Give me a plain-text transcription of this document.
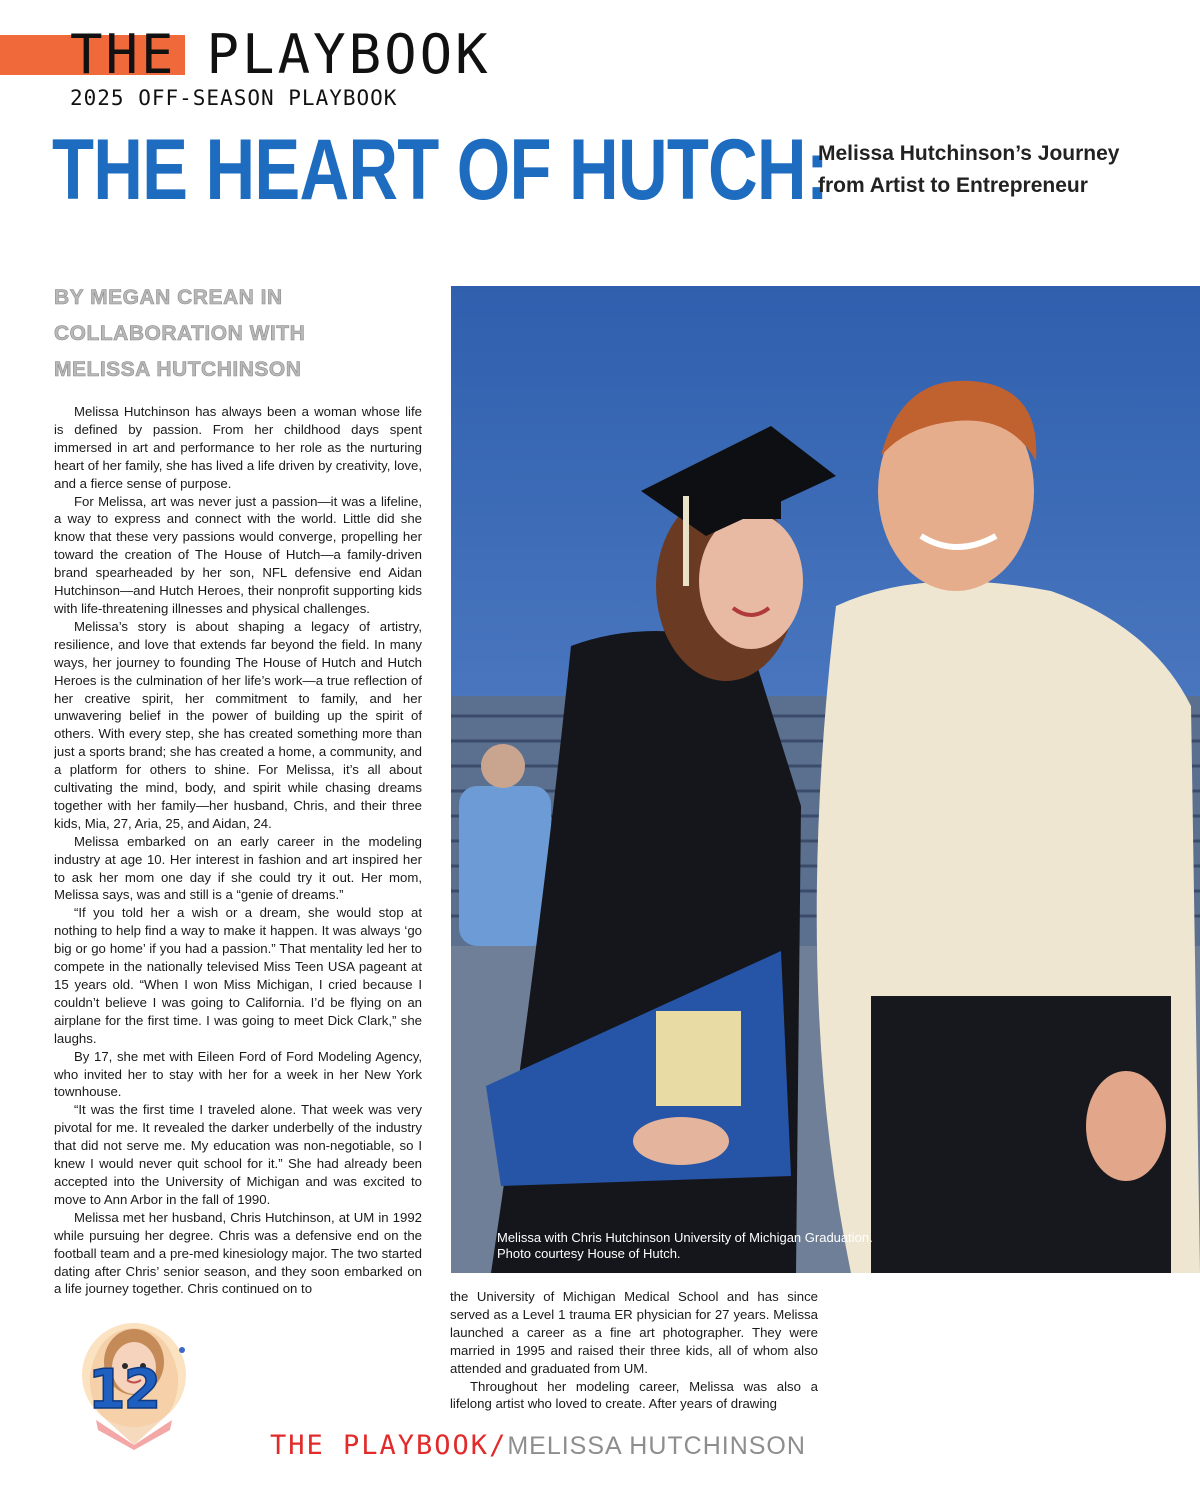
THE PLAYBOOK
2025 OFF-SEASON PLAYBOOK
THE HEART OF HUTCH:
Melissa Hutchinson’s Journey
from Artist to Entrepreneur
BY MEGAN CREAN IN
COLLABORATION WITH
MELISSA HUTCHINSON

Melissa Hutchinson has always been a woman whose life is defined by passion. From her childhood days spent immersed in art and performance to her role as the nurturing heart of her family, she has lived a life driven by creativity, love, and a fierce sense of purpose.

For Melissa, art was never just a passion—it was a lifeline, a way to express and connect with the world. Little did she know that these very passions would converge, propelling her toward the creation of The House of Hutch—a family-driven brand spearheaded by her son, NFL defensive end Aidan Hutchinson—and Hutch Heroes, their nonprofit supporting kids with life-threatening illnesses and physical challenges.

Melissa’s story is about shaping a legacy of artistry, resilience, and love that extends far beyond the field. In many ways, her journey to founding The House of Hutch and Hutch Heroes is the culmination of her life’s work—a true reflection of her creative spirit, her commitment to family, and her unwavering belief in the power of building up the spirit of others. With every step, she has created something more than just a sports brand; she has created a home, a community, and a platform for others to shine. For Melissa, it’s all about cultivating the mind, body, and spirit while chasing dreams together with her family—her husband, Chris, and their three kids, Mia, 27, Aria, 25, and Aidan, 24.

Melissa embarked on an early career in the modeling industry at age 10. Her interest in fashion and art inspired her to ask her mom one day if she could try it out. Her mom, Melissa says, was and still is a “genie of dreams.”

“If you told her a wish or a dream, she would stop at nothing to help find a way to make it happen. It was always ‘go big or go home’ if you had a passion.” That mentality led her to compete in the nationally televised Miss Teen USA pageant at 15 years old. “When I won Miss Michigan, I cried because I couldn’t believe I was going to California. I’d be flying on an airplane for the first time. I was going to meet Dick Clark,” she laughs.

By 17, she met with Eileen Ford of Ford Modeling Agency, who invited her to stay with her for a week in her New York townhouse.

“It was the first time I traveled alone. That week was very pivotal for me. It revealed the darker underbelly of the industry that did not serve me. My education was non-negotiable, so I knew I would never quit school for it.” She had already been accepted into the University of Michigan and was excited to move to Ann Arbor in the fall of 1990.

Melissa met her husband, Chris Hutchinson, at UM in 1992 while pursuing her degree. Chris was a defensive end on the football team and a pre-med kinesiology major. The two started dating after Chris’ senior season, and they soon embarked on a life journey together. Chris continued on to

Melissa with Chris Hutchinson University of Michigan Graduation.
Photo courtesy House of Hutch.

the University of Michigan Medical School and has since served as a Level 1 trauma ER physician for 27 years. Melissa launched a career as a fine art photographer. They were married in 1995 and raised their three kids, all of whom also attended and graduated from UM.

Throughout her modeling career, Melissa was also a lifelong artist who loved to create. After years of drawing

12
THE PLAYBOOK/MELISSA HUTCHINSON
